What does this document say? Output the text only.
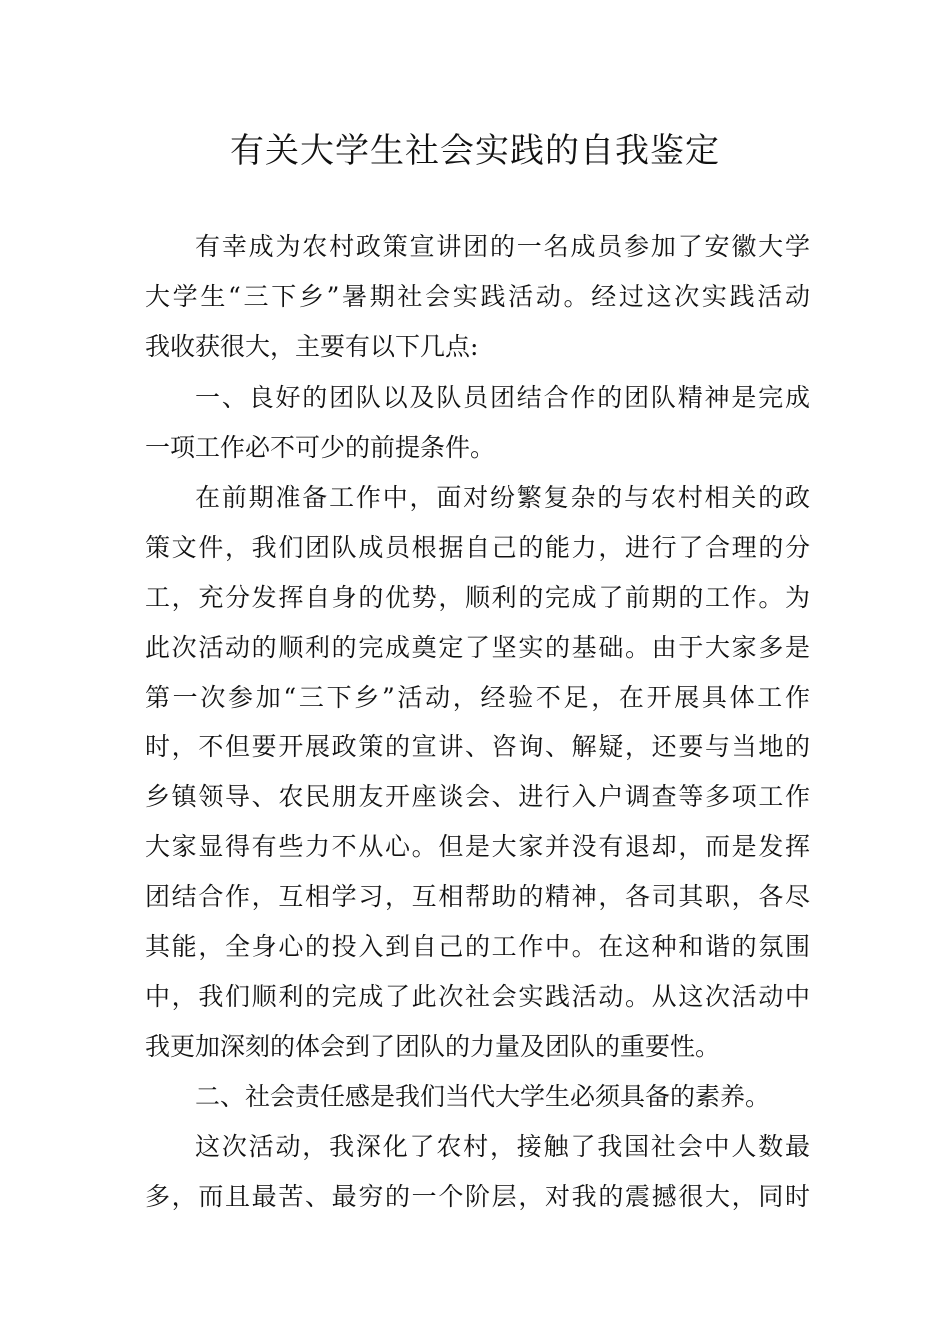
有关大学生社会实践的自我鉴定
有幸成为农村政策宣讲团的一名成员参加了安徽大学
大学生“三下乡”暑期社会实践活动。经过这次实践活动
我收获很大，主要有以下几点:
一、良好的团队以及队员团结合作的团队精神是完成
一项工作必不可少的前提条件。
在前期准备工作中，面对纷繁复杂的与农村相关的政
策文件，我们团队成员根据自己的能力，进行了合理的分
工，充分发挥自身的优势，顺利的完成了前期的工作。为
此次活动的顺利的完成奠定了坚实的基础。由于大家多是
第一次参加“三下乡”活动，经验不足，在开展具体工作
时，不但要开展政策的宣讲、咨询、解疑，还要与当地的
乡镇领导、农民朋友开座谈会、进行入户调查等多项工作
大家显得有些力不从心。但是大家并没有退却，而是发挥
团结合作，互相学习，互相帮助的精神，各司其职，各尽
其能，全身心的投入到自己的工作中。在这种和谐的氛围
中，我们顺利的完成了此次社会实践活动。从这次活动中
我更加深刻的体会到了团队的力量及团队的重要性。
二、社会责任感是我们当代大学生必须具备的素养。
这次活动，我深化了农村，接触了我国社会中人数最
多，而且最苦、最穷的一个阶层，对我的震撼很大，同时
